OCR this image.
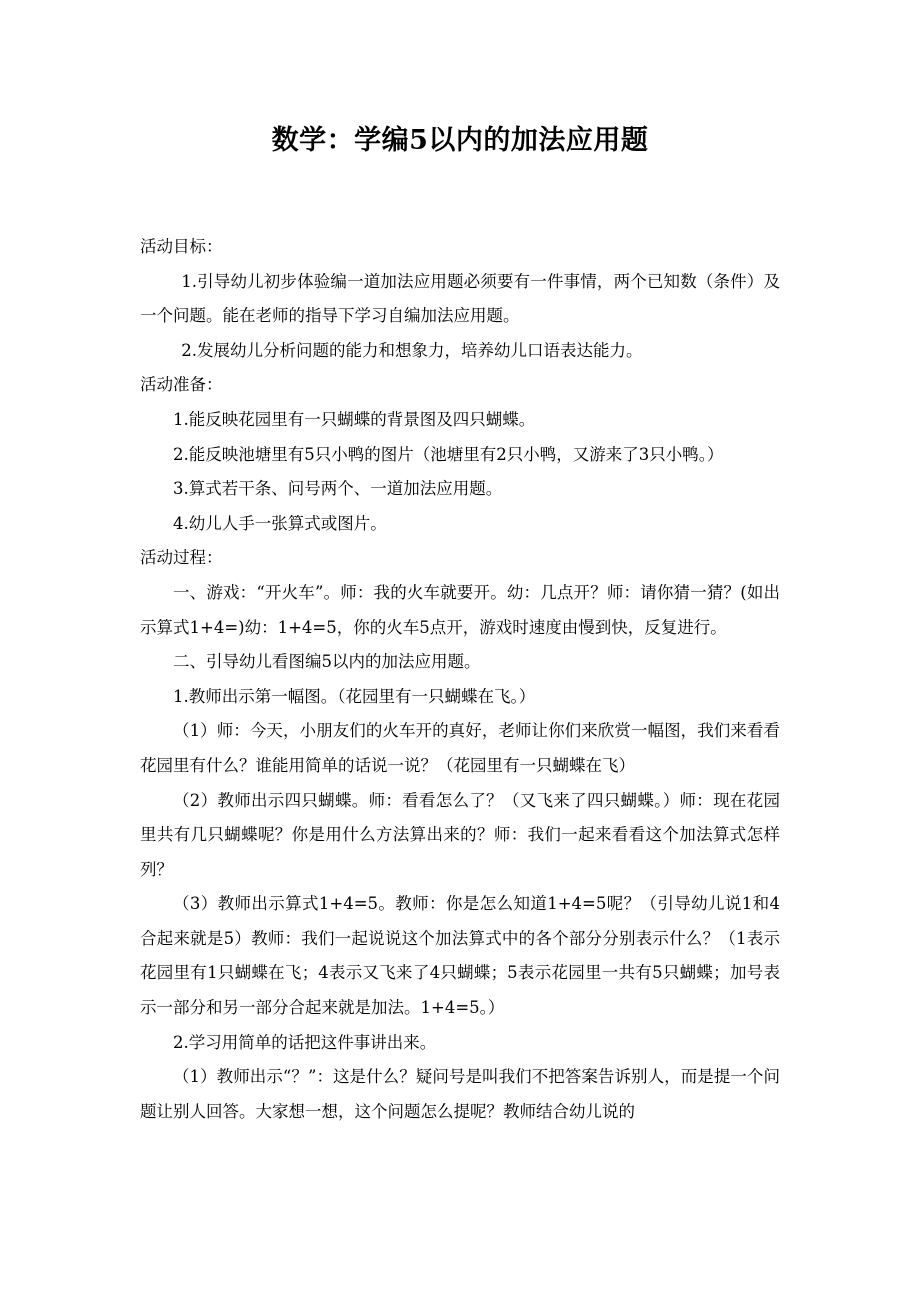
数学：学编5以内的加法应用题

活动目标：

1.引导幼儿初步体验编一道加法应用题必须要有一件事情，两个已知数（条件）及一个问题。能在老师的指导下学习自编加法应用题。

2.发展幼儿分析问题的能力和想象力，培养幼儿口语表达能力。

活动准备：

1.能反映花园里有一只蝴蝶的背景图及四只蝴蝶。

2.能反映池塘里有5只小鸭的图片（池塘里有2只小鸭，又游来了3只小鸭。）

3.算式若干条、问号两个、一道加法应用题。

4.幼儿人手一张算式或图片。

活动过程：

一、游戏：“开火车”。师：我的火车就要开。幼：几点开？师：请你猜一猜？(如出示算式1+4=)幼：1+4=5，你的火车5点开，游戏时速度由慢到快，反复进行。

二、引导幼儿看图编5以内的加法应用题。

1.教师出示第一幅图。（花园里有一只蝴蝶在飞。）

（1）师：今天，小朋友们的火车开的真好，老师让你们来欣赏一幅图，我们来看看花园里有什么？谁能用简单的话说一说？（花园里有一只蝴蝶在飞）

（2）教师出示四只蝴蝶。师：看看怎么了？（又飞来了四只蝴蝶。）师：现在花园里共有几只蝴蝶呢？你是用什么方法算出来的？师：我们一起来看看这个加法算式怎样列？

（3）教师出示算式1+4=5。教师：你是怎么知道1+4=5呢？（引导幼儿说1和4合起来就是5）教师：我们一起说说这个加法算式中的各个部分分别表示什么？（1表示花园里有1只蝴蝶在飞；4表示又飞来了4只蝴蝶；5表示花园里一共有5只蝴蝶；加号表示一部分和另一部分合起来就是加法。1+4=5。）

2.学习用简单的话把这件事讲出来。

（1）教师出示“？”：这是什么？疑问号是叫我们不把答案告诉别人，而是提一个问题让别人回答。大家想一想，这个问题怎么提呢？教师结合幼儿说的
